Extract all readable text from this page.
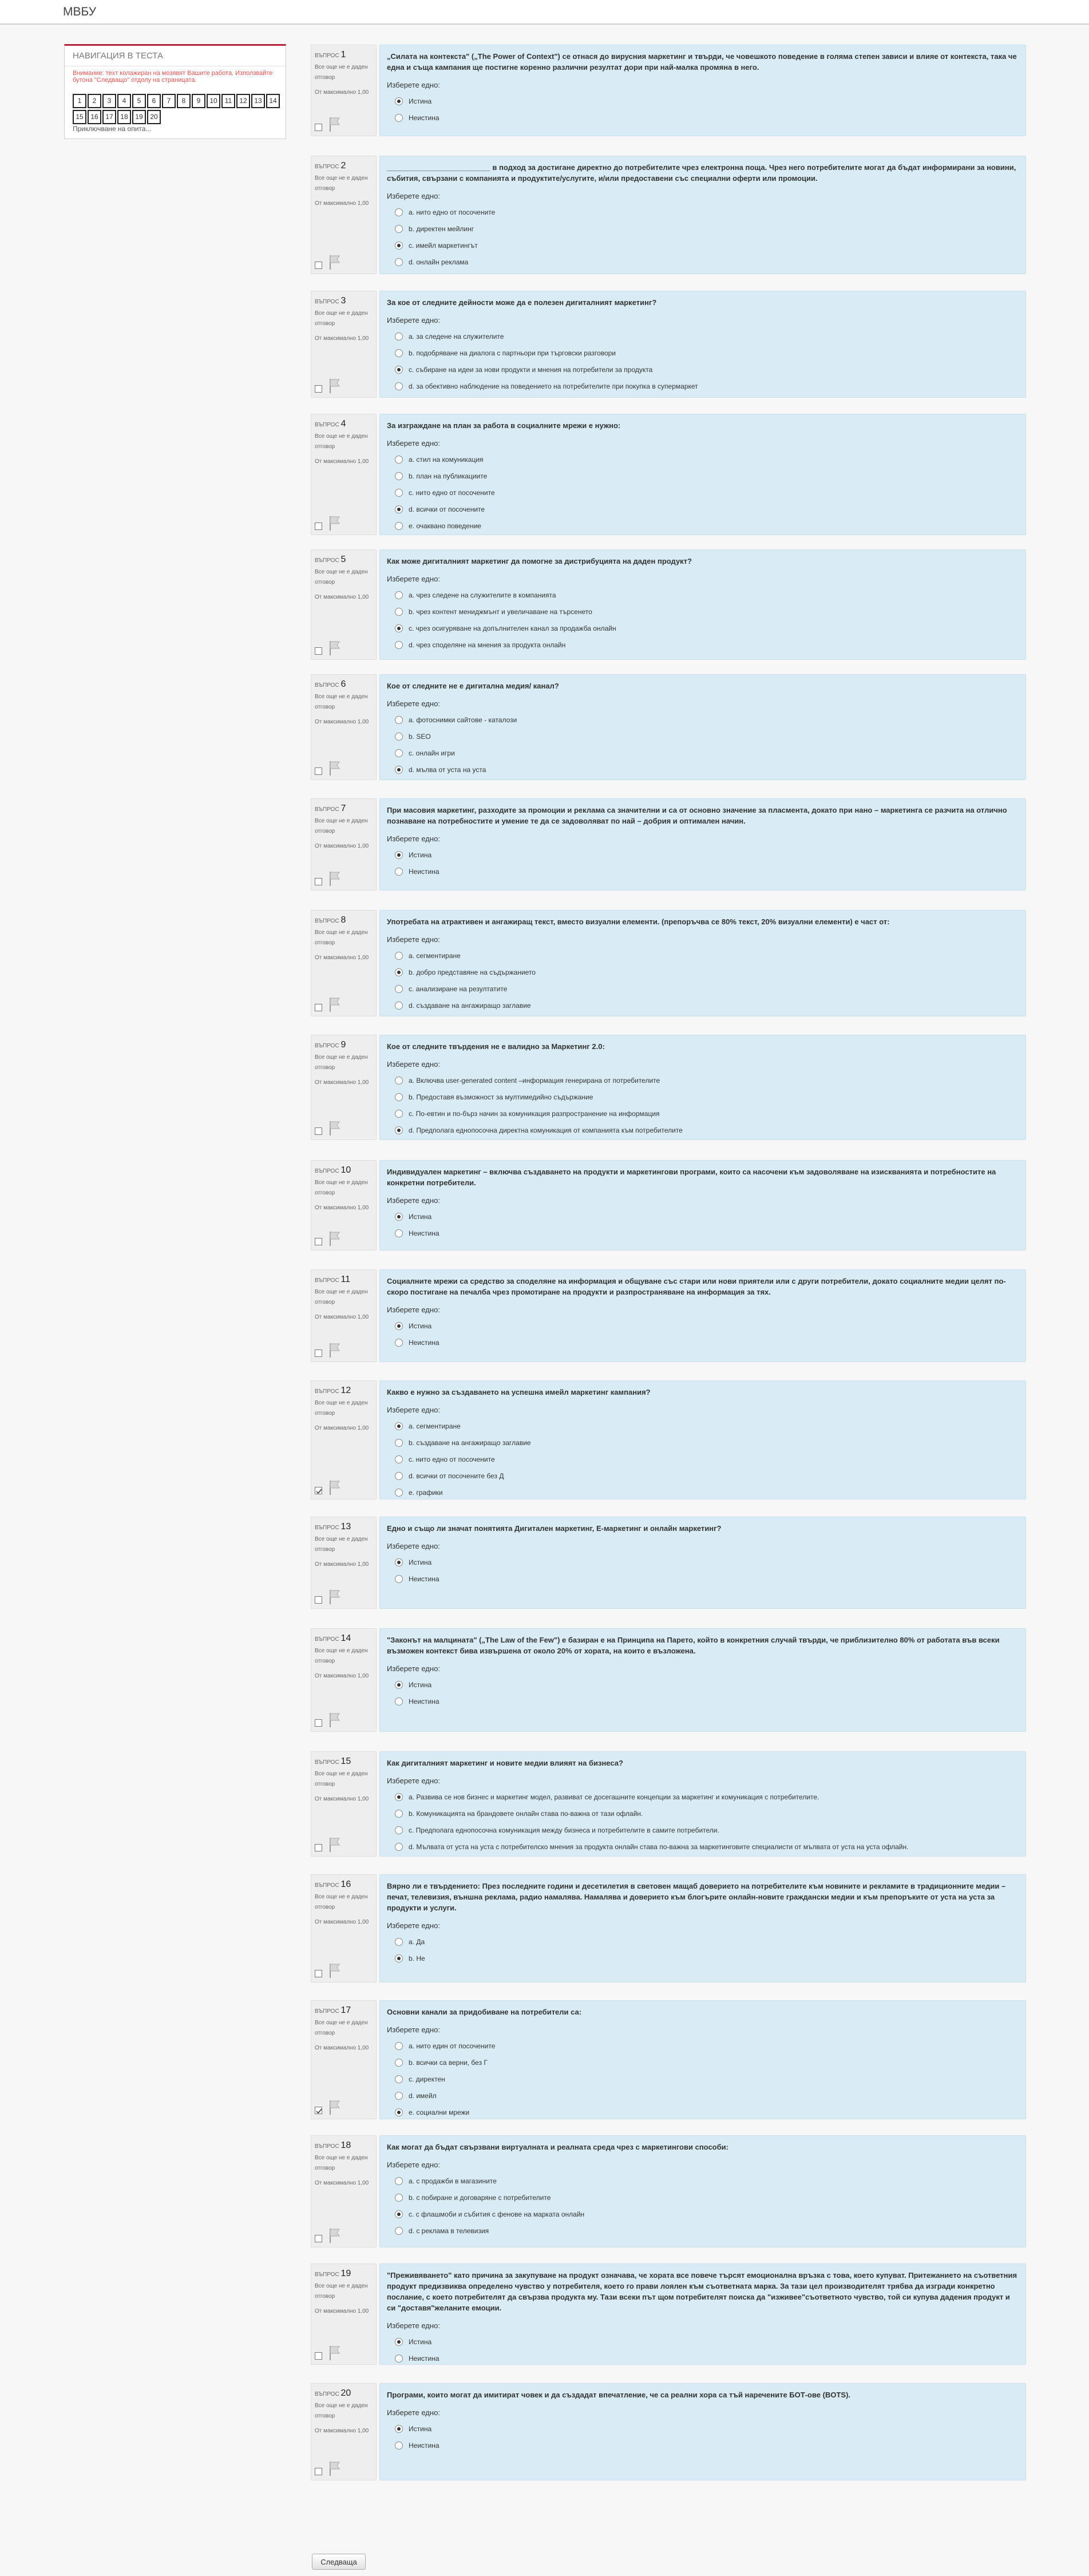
МВБУ
НАВИГАЦИЯ В ТЕСТА
Внимание: теxт колажиран на мозявят Вашите работа. Използвайте бутона "Следващо" отдолу на страницата.
1 2 3 4 5 6 7 8 9 10 11 12 13 1415 16 17 18 19 20
Приключване на опита...
ВЪПРОС 1
Все още не е даден отговор
От максимално 1,00
„Силата на контекста" („The Power of Context") се отнася до вирусния маркетинг и твърди, че човешкото поведение в голяма степен зависи и влияе от контекста, така че една и съща кампания ще постигне коренно различни резултат дори при най-малка промяна в него.
Изберете едно:
Истина
Неистина
ВЪПРОС 2
Все още не е даден отговор
От максимално 1,00
_________________________ в подход за достигане директно до потребителите чрез електронна поща. Чрез него потребителите могат да бъдат информирани за новини, събития, свързани с компанията и продуктите/услугите, и/или предоставени със специални оферти или промоции.
Изберете едно:
a. нито едно от посочените
b. директен мейлинг
c. имейл маркетингът
d. онлайн реклама
ВЪПРОС 3
Все още не е даден отговор
От максимално 1,00
За кое от следните дейности може да е полезен дигиталният маркетинг?
Изберете едно:
a. за следене на служителите
b. подобряване на диалога с партньори при търговски разговори
c. събиране на идеи за нови продукти и мнения на потребители за продукта
d. за обективно наблюдение на поведението на потребителите при покупка в супермаркет
ВЪПРОС 4
Все още не е даден отговор
От максимално 1,00
За изграждане на план за работа в социалните мрежи е нужно:
Изберете едно:
a. стил на комуникация
b. план на публикациите
c. нито едно от посочените
d. всички от посочените
e. очаквано поведение
ВЪПРОС 5
Все още не е даден отговор
От максимално 1,00
Как може дигиталният маркетинг да помогне за дистрибуцията на даден продукт?
Изберете едно:
a. чрез следене на служителите в компанията
b. чрез контент мениджмънт и увеличаване на търсенето
c. чрез осигуряване на допълнителен канал за продажба онлайн
d. чрез споделяне на мнения за продукта онлайн
ВЪПРОС 6
Все още не е даден отговор
От максимално 1,00
Кое от следните не е дигитална медия/ канал?
Изберете едно:
a. фотоснимки сайтове - каталози
b. SEO
c. онлайн игри
d. мълва от уста на уста
ВЪПРОС 7
Все още не е даден отговор
От максимално 1,00
При масовия маркетинг, разходите за промоции и реклама са значителни и са от основно значение за пласмента, докато при нано – маркетинга се разчита на отлично познаване на потребностите и умение те да се задоволяват по най – добрия и оптимален начин.
Изберете едно:
Истина
Неистина
ВЪПРОС 8
Все още не е даден отговор
От максимално 1,00
Употребата на атрактивен и ангажиращ текст, вместо визуални елементи. (препоръчва се 80% текст, 20% визуални елементи) е част от:
Изберете едно:
a. сегментиране
b. добро представяне на съдържанието
c. анализиране на резултатите
d. създаване на ангажиращо заглавие
ВЪПРОС 9
Все още не е даден отговор
От максимално 1,00
Кое от следните твърдения не е валидно за Маркетинг 2.0:
Изберете едно:
a. Включва user-generated content –информация генерирана от потребителите
b. Предоставя възможност за мултимедийно съдържание
c. По-евтин и по-бърз начин за комуникация разпространение на информация
d. Предполага еднопосочна директна комуникация от компанията към потребителите
ВЪПРОС 10
Все още не е даден отговор
От максимално 1,00
Индивидуален маркетинг – включва създаването на продукти и маркетингови програми, които са насочени към задоволяване на изискванията и потребностите на конкретни потребители.
Изберете едно:
Истина
Неистина
ВЪПРОС 11
Все още не е даден отговор
От максимално 1,00
Социалните мрежи са средство за споделяне на информация и общуване със стари или нови приятели или с други потребители, докато социалните медии целят по-скоро постигане на печалба чрез промотиране на продукти и разпространяване на информация за тях.
Изберете едно:
Истина
Неистина
ВЪПРОС 12
Все още не е даден отговор
От максимално 1,00
Какво е нужно за създаването на успешна имейл маркетинг кампания?
Изберете едно:
a. сегментиране
b. създаване на ангажиращо заглавие
c. нито едно от посочените
d. всички от посочените без Д
e. графики
ВЪПРОС 13
Все още не е даден отговор
От максимално 1,00
Едно и също ли значат понятията Дигитален маркетинг, Е-маркетинг и онлайн маркетинг?
Изберете едно:
Истина
Неистина
ВЪПРОС 14
Все още не е даден отговор
От максимално 1,00
"Законът на малцината" („The Law of the Few") е базиран е на Принципа на Парето, който в конкретния случай твърди, че приблизително 80% от работата във всеки възможен контекст бива извършена от около 20% от хората, на които е възложена.
Изберете едно:
Истина
Неистина
ВЪПРОС 15
Все още не е даден отговор
От максимално 1,00
Как дигиталният маркетинг и новите медии влияят на бизнеса?
Изберете едно:
a. Развива се нов бизнес и маркетинг модел, развиват се досегашните концепции за маркетинг и комуникация с потребителите.
b. Комуникацията на брандовете онлайн става по-важна от тази офлайн.
c. Предполага еднопосочна комуникация между бизнеса и потребителите в самите потребители.
d. Мълвата от уста на уста с потребителско мнения за продукта онлайн става по-важна за маркетинговите специалисти от мълвата от уста на уста офлайн.
ВЪПРОС 16
Все още не е даден отговор
От максимално 1,00
Вярно ли е твърдението: През последните години и десетилетия в световен мащаб доверието на потребителите към новините и рекламите в традиционните медии – печат, телевизия, външна реклама, радио намалява. Намалява и доверието към блогърите онлайн-новите граждански медии и към препоръките от уста на уста за продукти и услуги.
Изберете едно:
a. Да
b. Не
ВЪПРОС 17
Все още не е даден отговор
От максимално 1,00
Основни канали за придобиване на потребители са:
Изберете едно:
a. нито един от посочените
b. всички са верни, без Г
c. директен
d. имейл
e. социални мрежи
ВЪПРОС 18
Все още не е даден отговор
От максимално 1,00
Как могат да бъдат свързвани виртуалната и реалната среда чрез с маркетингови способи:
Изберете едно:
a. с продажби в магазините
b. с побиране и договаряне с потребителите
c. с флашмоби и събития с фенове на марката онлайн
d. с реклама в телевизия
ВЪПРОС 19
Все още не е даден отговор
От максимално 1,00
"Преживяването" като причина за закупуване на продукт означава, че хората все повече търсят емоционална връзка с това, което купуват. Притежанието на съответния продукт предизвиква определено чувство у потребителя, което го прави лоялен към съответната марка. За тази цел производителят трябва да изгради конкретно послание, с което потребителят да свързва продукта му. Тази всеки път щом потребителят поиска да "изживее"съответното чувство, той си купува дадения продукт и си "доставя"желаните емоции.
Изберете едно:
Истина
Неистина
ВЪПРОС 20
Все още не е даден отговор
От максимално 1,00
Програми, които могат да имитират човек и да създадат впечатление, че са реални хора са тъй наречените БОТ-ове (BOTS).
Изберете едно:
Истина
Неистина
Следваща
